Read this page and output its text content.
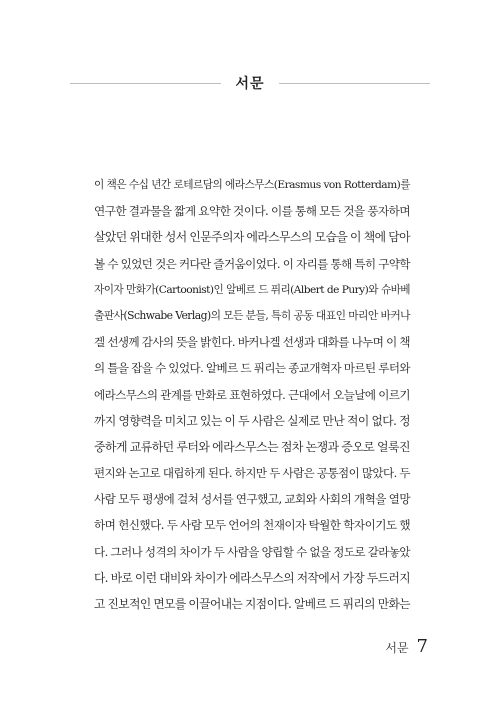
서문
이 책은 수십 년간 로테르담의 에라스무스(Erasmus von Rotterdam)를
연구한 결과물을 짧게 요약한 것이다. 이를 통해 모든 것을 풍자하며
살았던 위대한 성서 인문주의자 에라스무스의 모습을 이 책에 담아
볼 수 있었던 것은 커다란 즐거움이었다. 이 자리를 통해 특히 구약학
자이자 만화가(Cartoonist)인 알베르 드 퓌리(Albert de Pury)와 슈바베
출판사(Schwabe Verlag)의 모든 분들, 특히 공동 대표인 마리안 바커나
겔 선생께 감사의 뜻을 밝힌다. 바커나겔 선생과 대화를 나누며 이 책
의 틀을 잡을 수 있었다. 알베르 드 퓌리는 종교개혁자 마르틴 루터와
에라스무스의 관계를 만화로 표현하였다. 근대에서 오늘날에 이르기
까지 영향력을 미치고 있는 이 두 사람은 실제로 만난 적이 없다. 정
중하게 교류하던 루터와 에라스무스는 점차 논쟁과 증오로 얼룩진
편지와 논고로 대립하게 된다. 하지만 두 사람은 공통점이 많았다. 두
사람 모두 평생에 걸쳐 성서를 연구했고, 교회와 사회의 개혁을 열망
하며 헌신했다. 두 사람 모두 언어의 천재이자 탁월한 학자이기도 했
다. 그러나 성격의 차이가 두 사람을 양립할 수 없을 정도로 갈라놓았
다. 바로 이런 대비와 차이가 에라스무스의 저작에서 가장 두드러지
고 진보적인 면모를 이끌어내는 지점이다. 알베르 드 퓌리의 만화는
서문 7
